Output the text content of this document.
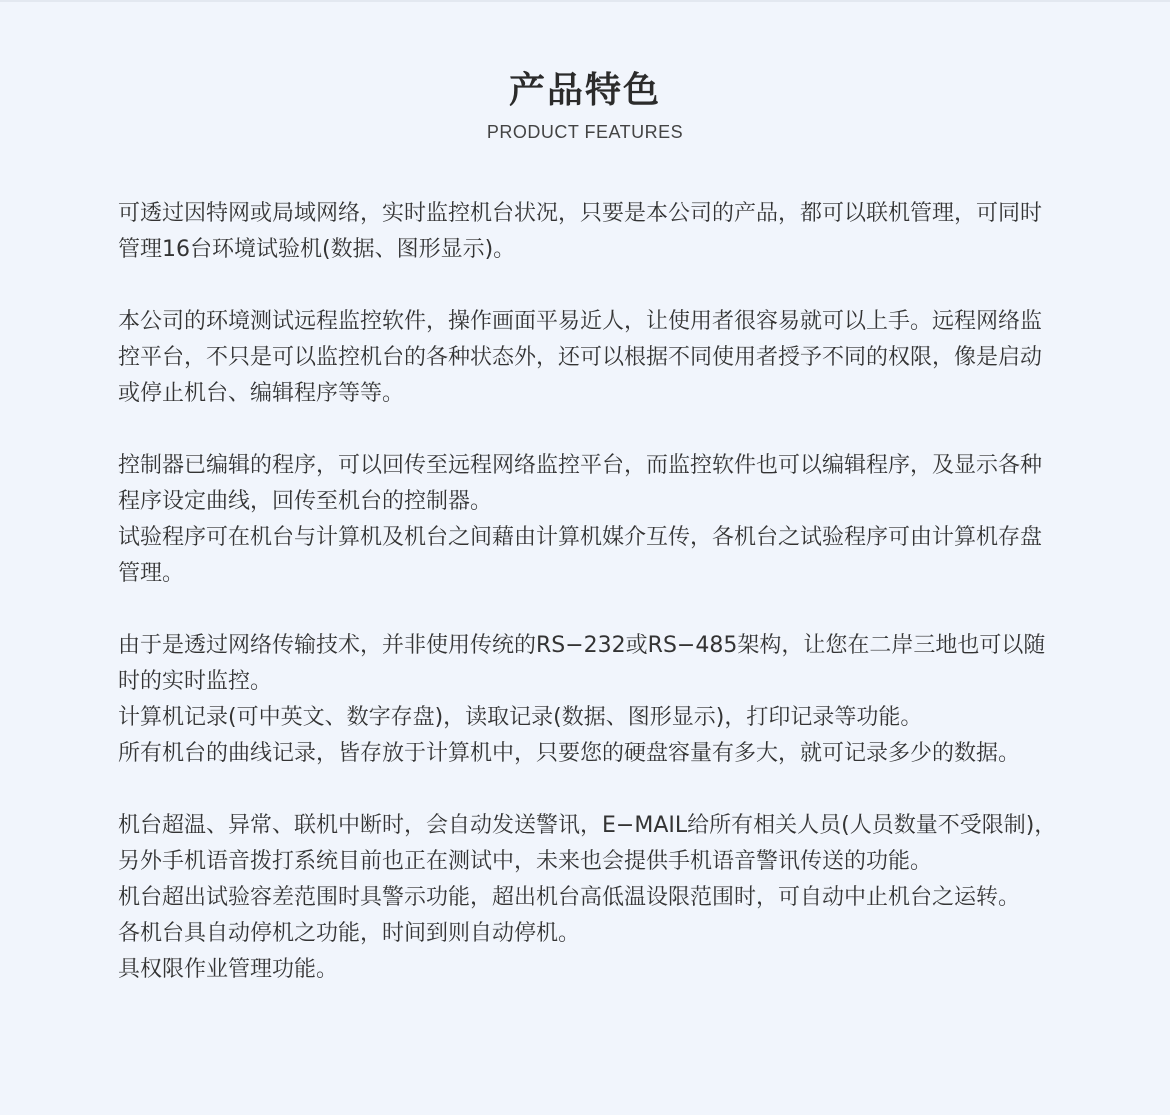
产品特色
PRODUCT FEATURES

可透过因特网或局域网络，实时监控机台状况，只要是本公司的产品，都可以联机管理，可同时管理16台环境试验机(数据、图形显示)。

本公司的环境测试远程监控软件，操作画面平易近人，让使用者很容易就可以上手。远程网络监控平台，不只是可以监控机台的各种状态外，还可以根据不同使用者授予不同的权限，像是启动或停止机台、编辑程序等等。

控制器已编辑的程序，可以回传至远程网络监控平台，而监控软件也可以编辑程序，及显示各种程序设定曲线，回传至机台的控制器。

试验程序可在机台与计算机及机台之间藉由计算机媒介互传，各机台之试验程序可由计算机存盘管理。

由于是透过网络传输技术，并非使用传统的RS−232或RS−485架构，让您在二岸三地也可以随时的实时监控。

计算机记录(可中英文、数字存盘)，读取记录(数据、图形显示)，打印记录等功能。

所有机台的曲线记录，皆存放于计算机中，只要您的硬盘容量有多大，就可记录多少的数据。

机台超温、异常、联机中断时，会自动发送警讯，E−MAIL给所有相关人员(人员数量不受限制)，另外手机语音拨打系统目前也正在测试中，未来也会提供手机语音警讯传送的功能。

机台超出试验容差范围时具警示功能，超出机台高低温设限范围时，可自动中止机台之运转。

各机台具自动停机之功能，时间到则自动停机。

具权限作业管理功能。
